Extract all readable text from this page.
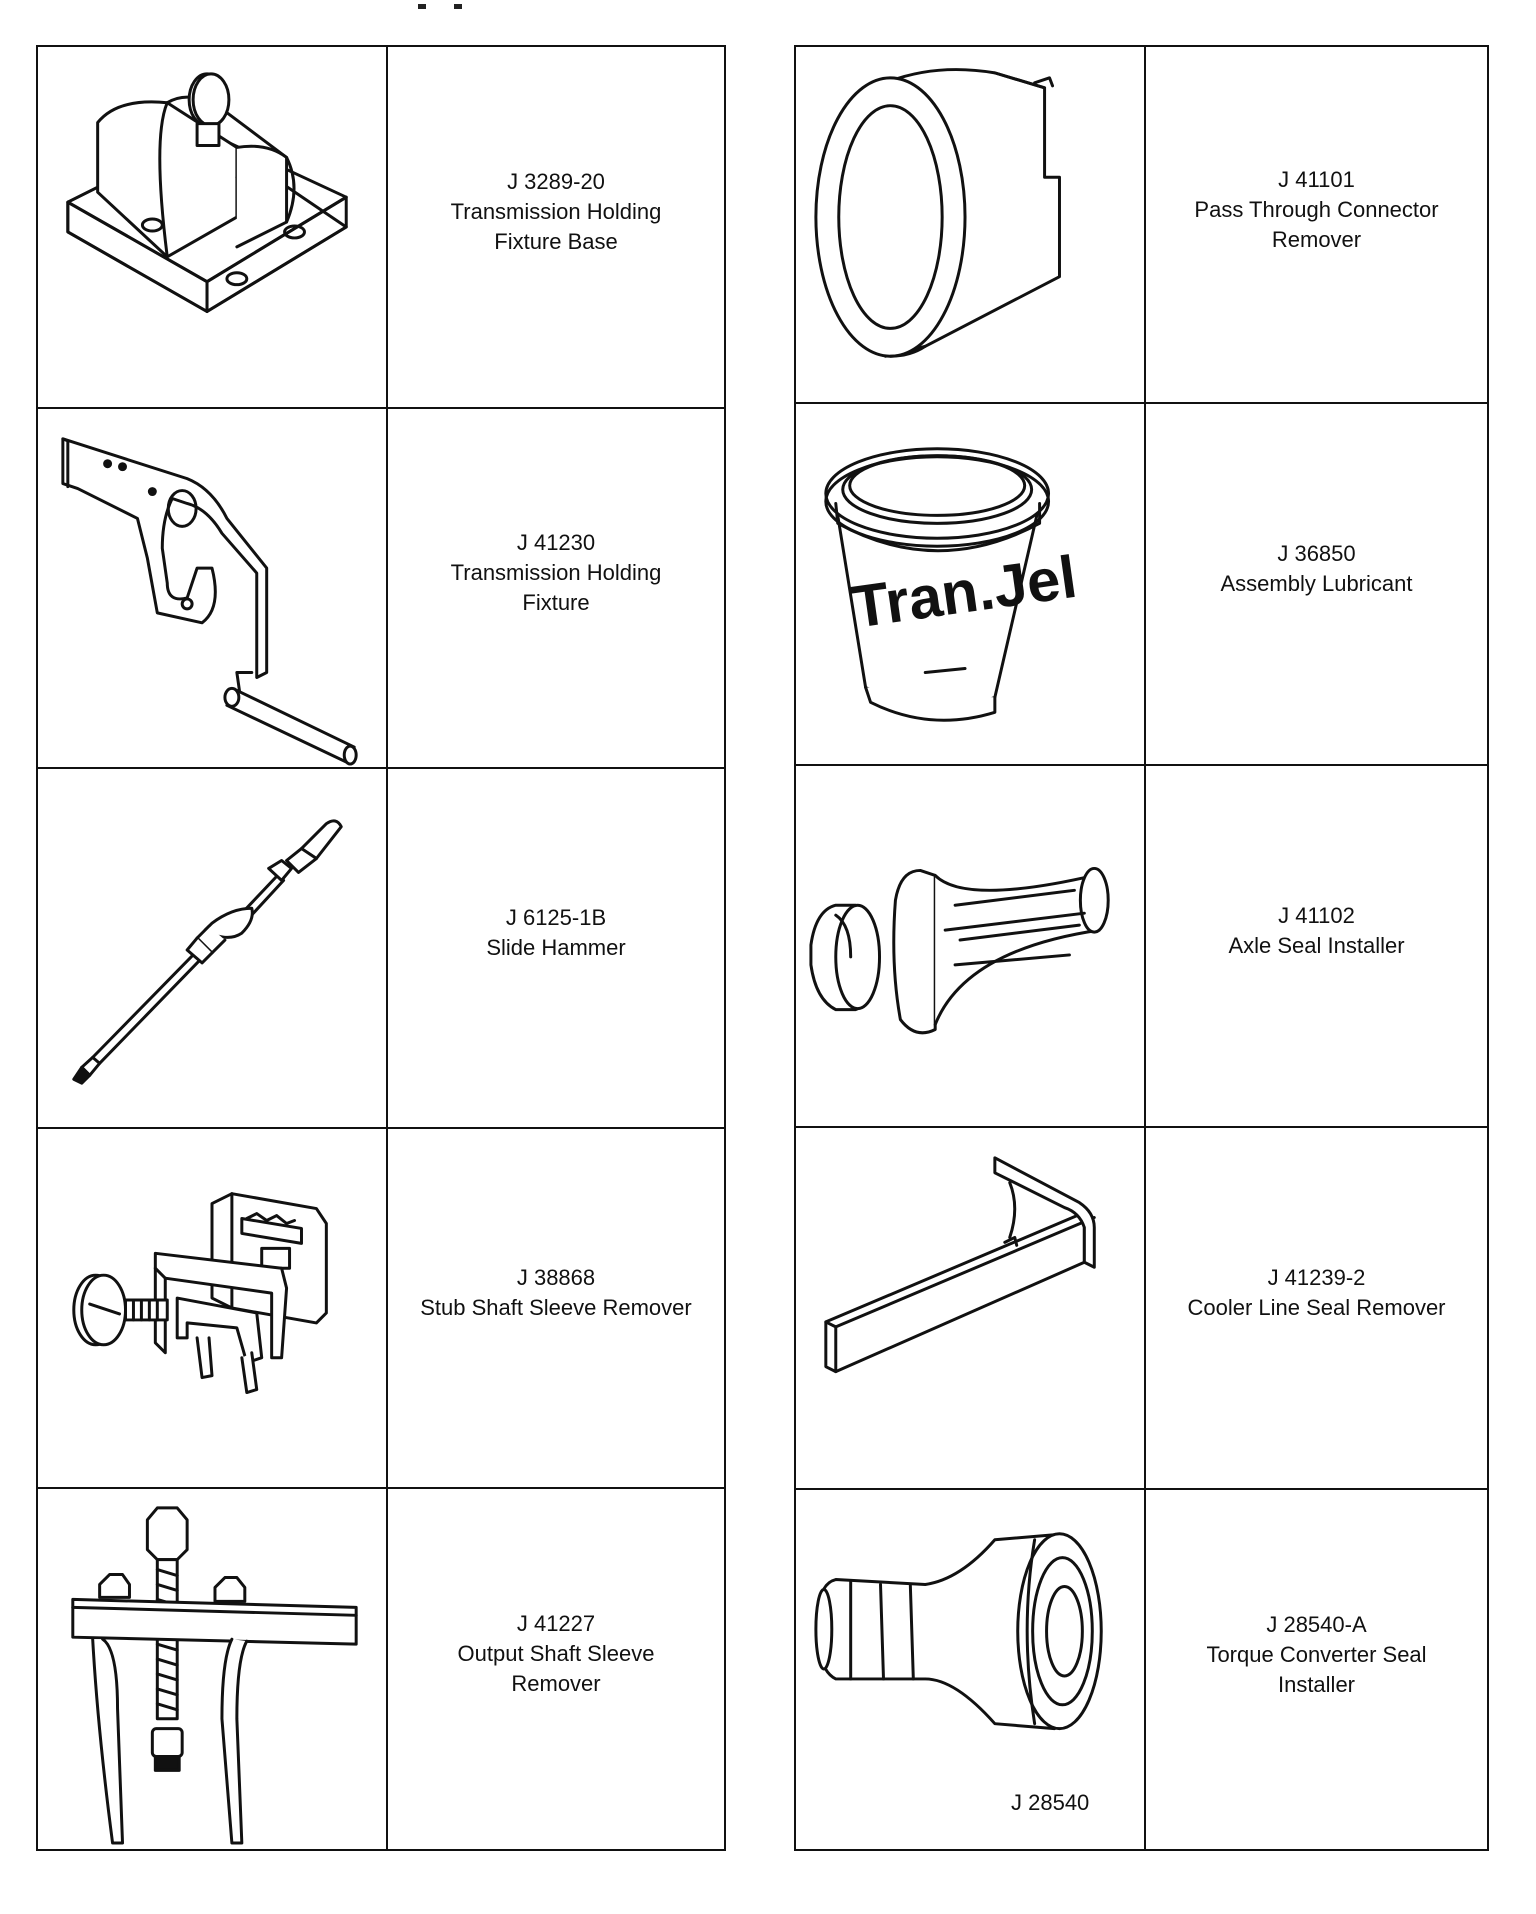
J 3289-20
Transmission Holding
Fixture Base
J 41230
Transmission Holding
Fixture
J 6125-1B
Slide Hammer
J 38868
Stub Shaft Sleeve Remover
J 41227
Output Shaft Sleeve
Remover
J 41101
Pass Through Connector
Remover
Tran.Jel	J 36850
Assembly Lubricant
J 41102
Axle Seal Installer
J 41239-2
Cooler Line Seal Remover
J 28540
J 28540-A
Torque Converter Seal
Installer
